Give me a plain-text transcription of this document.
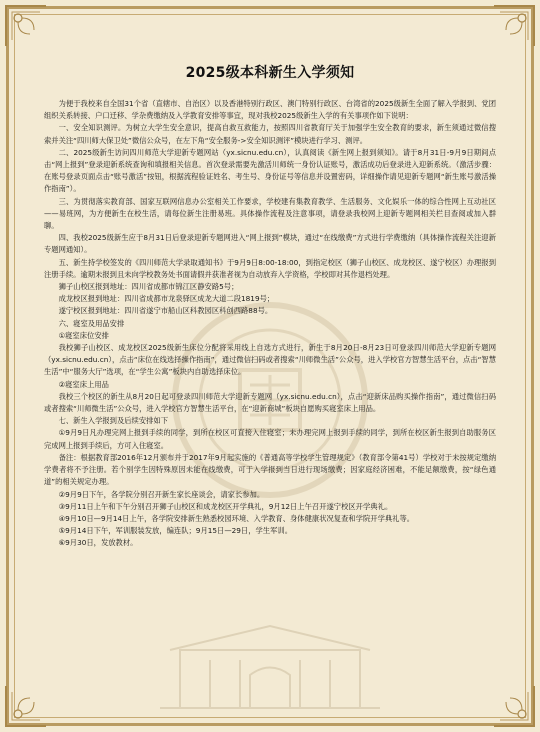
2025级本科新生入学须知

为便于我校来自全国31个省（直辖市、自治区）以及香港特别行政区、澳门特别行政区、台湾省的2025级新生全面了解入学报到、党团组织关系转接、户口迁移、学杂费缴纳及入学教育安排等事宜，现对我校2025级新生入学的有关事项作如下说明：

一、安全知识测评。为树立大学生安全意识，提高自救互救能力，按照四川省教育厅关于加强学生安全教育的要求，新生须通过微信搜索并关注“四川师大保卫处”微信公众号，在左下角“安全服务->安全知识测评”模块进行学习、测评。

二、2025级新生访问四川师范大学迎新专题网站（yx.sicnu.edu.cn），认真阅读《新生网上报到须知》。请于8月31日-9月9日期间点击“网上报到”登录迎新系统查询和填报相关信息。首次登录需要先激活川师统一身份认证账号，激活成功后登录进入迎新系统。（激活步骤：在账号登录页面点击“账号激活”按钮，根据流程验证姓名、考生号、身份证号等信息并设置密码，详细操作请见迎新专题网“新生账号激活操作指南”）。

三、为贯彻落实教育部、国家互联网信息办公室相关工作要求，学校建有集教育教学、生活服务、文化娱乐一体的综合性网上互动社区——易班网，为方便新生在校生活，请每位新生注册易班。具体操作流程及注意事项，请登录我校网上迎新专题网相关栏目查阅或加入群聊。

四、我校2025级新生应于8月31日后登录迎新专题网进入“网上报到”模块，通过“在线缴费”方式进行学费缴纳（具体操作流程关注迎新专题网通知）。

五、新生持学校签发的《四川师范大学录取通知书》于9月9日8:00-18:00，到指定校区（狮子山校区、成龙校区、遂宁校区）办理报到注册手续。逾期未报到且未向学校教务处书面请假并获准者视为自动放弃入学资格，学校即对其作退档处理。

狮子山校区报到地址：四川省成都市锦江区静安路5号；

成龙校区报到地址：四川省成都市龙泉驿区成龙大道二段1819号；

遂宁校区报到地址：四川省遂宁市船山区科教园区科创西路88号。

六、寝室及用品安排

①寝室床位安排

我校狮子山校区、成龙校区2025级新生床位分配将采用线上自选方式进行，新生于8月20日-8月23日可登录四川师范大学迎新专题网（yx.sicnu.edu.cn），点击“床位在线选择操作指南”，通过微信扫码或者搜索“川师微生活”公众号，进入学校官方智慧生活平台，点击“智慧生活”中“服务大厅”选项，在“学生公寓”板块内自助选择床位。

②寝室床上用品

我校三个校区的新生从8月20日起可登录四川师范大学迎新专题网（yx.sicnu.edu.cn），点击“迎新床品购买操作指南”，通过微信扫码或者搜索“川师微生活”公众号，进入学校官方智慧生活平台，在“迎新商城”板块自愿购买寝室床上用品。

七、新生入学报到及后续安排如下

①9月9日凡办理完网上报到手续的同学，到所在校区可直接入住寝室；未办理完网上报到手续的同学，到所在校区新生报到自助服务区完成网上报到手续后，方可入住寝室。

备注：根据教育部2016年12月颁布并于2017年9月起实施的《普通高等学校学生管理规定》（教育部令第41号）学校对于未按规定缴纳学费者将不予注册。若个别学生因特殊原因未能在线缴费，可于入学报到当日进行现场缴费；因家庭经济困难，不能足额缴费，按“绿色通道”的相关规定办理。

②9月9日下午，各学院分别召开新生家长座谈会，请家长参加。

③9月11日上午和下午分别召开狮子山校区和成龙校区开学典礼，9月12日上午召开遂宁校区开学典礼。

④9月10日—9月14日上午，各学院安排新生熟悉校园环境、入学教育、身体健康状况复查和学院开学典礼等。

⑤9月14日下午，军训服装发放，编连队；9月15日—29日，学生军训。

⑥9月30日，发放教材。
